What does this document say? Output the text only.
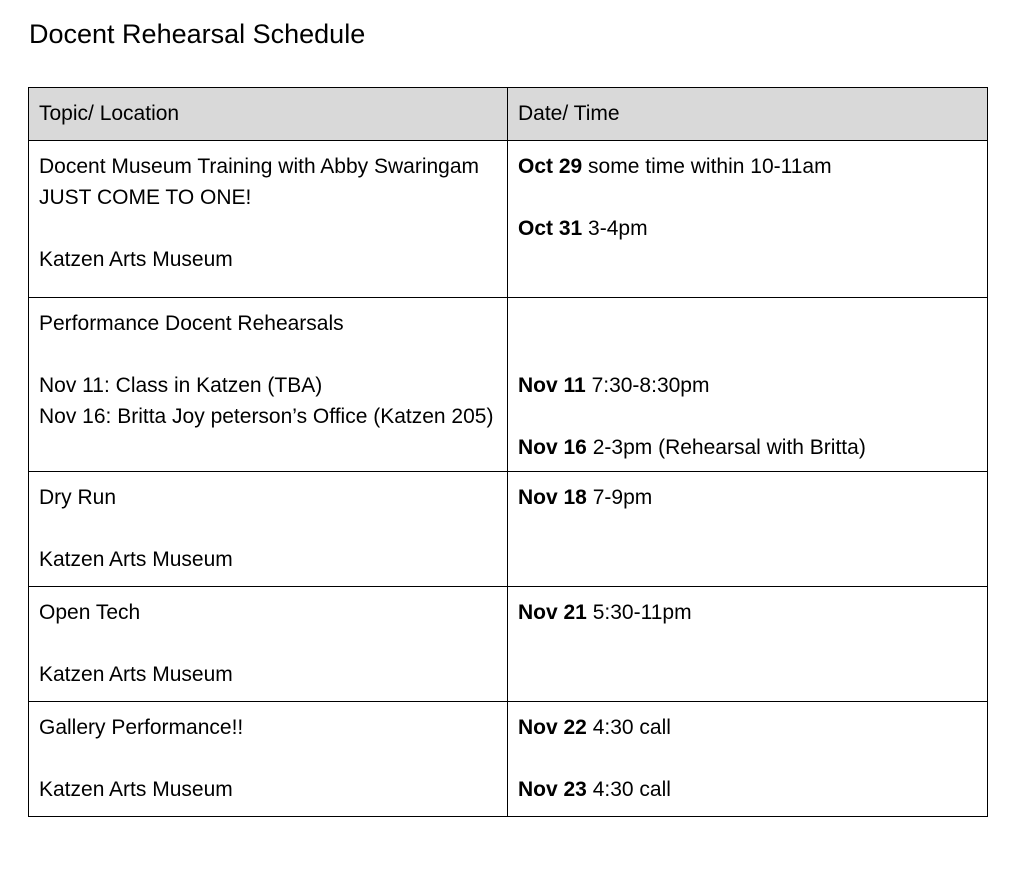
Docent Rehearsal Schedule
Topic/ Location	Date/ Time

Docent Museum Training with Abby Swaringam
JUST COME TO ONE!
Katzen Arts Museum	Oct 29 some time within 10-11am
Oct 31 3-4pm

Performance Docent Rehearsals
Nov 11: Class in Katzen (TBA)
Nov 16: Britta Joy peterson’s Office (Katzen 205)	Nov 11 7:30-8:30pm
Nov 16 2-3pm (Rehearsal with Britta)

Dry Run
Katzen Arts Museum	Nov 18 7-9pm

Open Tech
Katzen Arts Museum	Nov 21 5:30-11pm

Gallery Performance!!
Katzen Arts Museum	Nov 22 4:30 call
Nov 23 4:30 call
